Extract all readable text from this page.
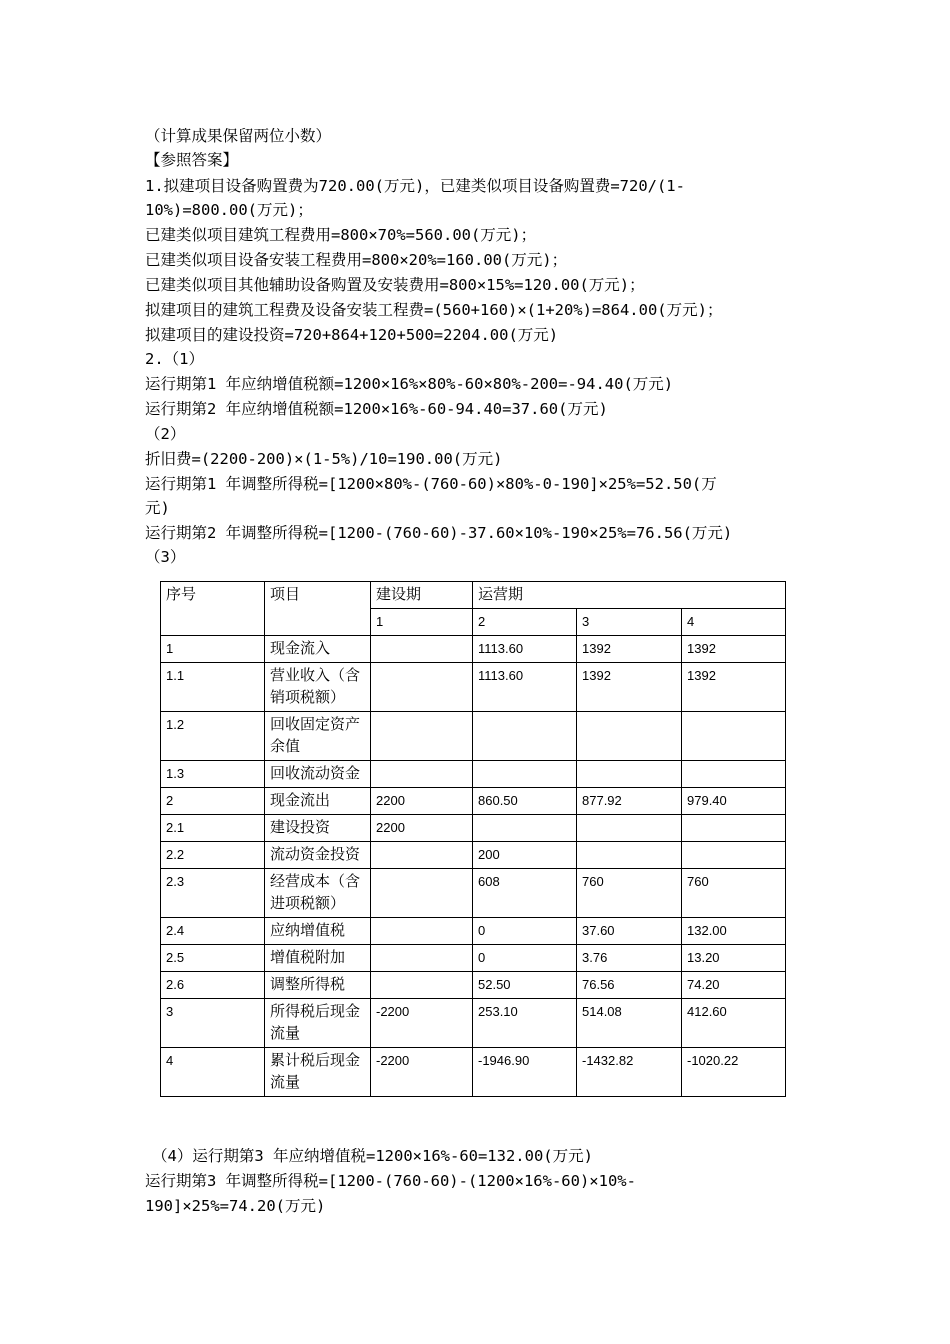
（计算成果保留两位小数）
【参照答案】
1.拟建项目设备购置费为720.00(万元)，已建类似项目设备购置费=720/(1-
10%)=800.00(万元)；
已建类似项目建筑工程费用=800×70%=560.00(万元)；
已建类似项目设备安装工程费用=800×20%=160.00(万元)；
已建类似项目其他辅助设备购置及安装费用=800×15%=120.00(万元)；
拟建项目的建筑工程费及设备安装工程费=(560+160)×(1+20%)=864.00(万元)；
拟建项目的建设投资=720+864+120+500=2204.00(万元)
2.（1）
运行期第1 年应纳增值税额=1200×16%×80%-60×80%-200=-94.40(万元)
运行期第2 年应纳增值税额=1200×16%-60-94.40=37.60(万元)
（2）
折旧费=(2200-200)×(1-5%)/10=190.00(万元)
运行期第1 年调整所得税=[1200×80%-(760-60)×80%-0-190]×25%=52.50(万
元)
运行期第2 年调整所得税=[1200-(760-60)-37.60×10%-190×25%=76.56(万元)
（3）
序号	项目	建设期	运营期		
		1	2	3	4
1	现金流入		1113.60	1392	1392
1.1	营业收入（含销项税额）		1113.60	1392	1392
1.2	回收固定资产余值				
1.3	回收流动资金				
2	现金流出	2200	860.50	877.92	979.40
2.1	建设投资	2200			
2.2	流动资金投资		200		
2.3	经营成本（含进项税额）		608	760	760
2.4	应纳增值税		0	37.60	132.00
2.5	增值税附加		0	3.76	13.20
2.6	调整所得税		52.50	76.56	74.20
3	所得税后现金流量	-2200	253.10	514.08	412.60
4	累计税后现金流量	-2200	-1946.90	-1432.82	-1020.22
（4）运行期第3 年应纳增值税=1200×16%-60=132.00(万元)
运行期第3 年调整所得税=[1200-(760-60)-(1200×16%-60)×10%-
190]×25%=74.20(万元)
